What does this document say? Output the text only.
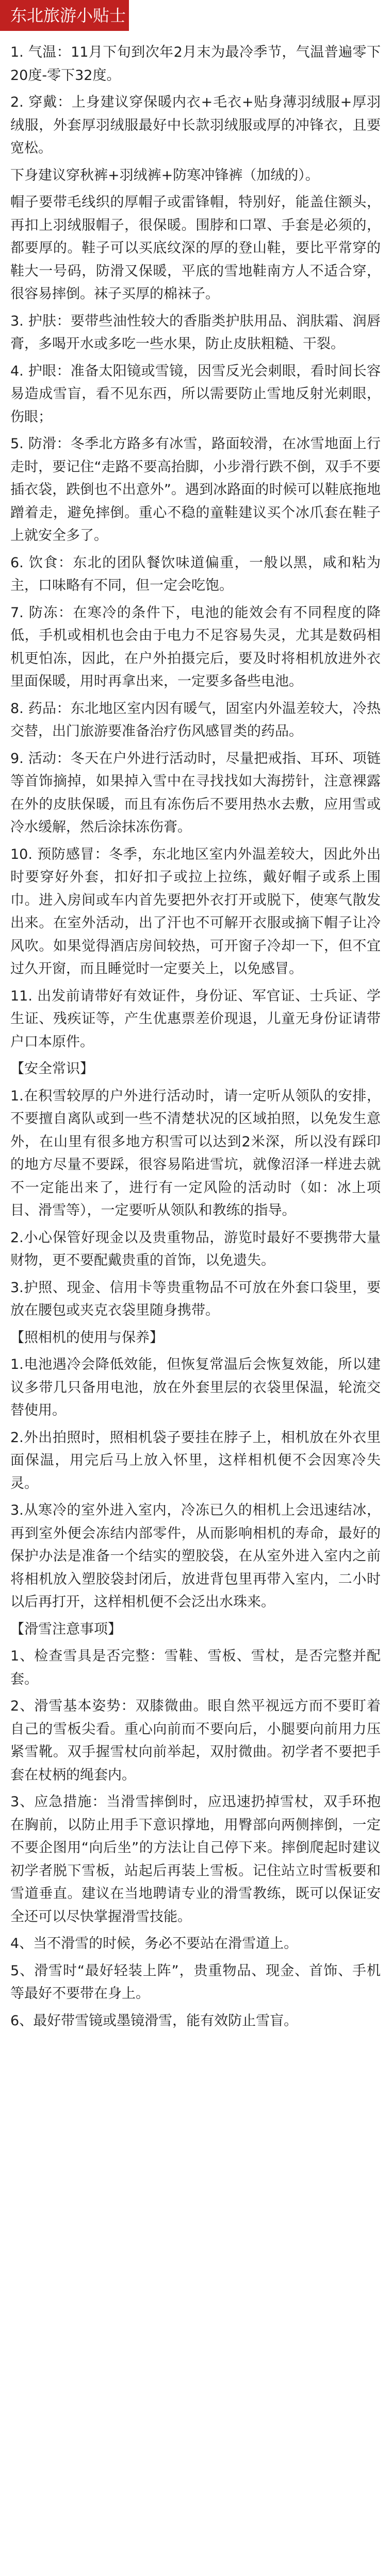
东北旅游小贴士

1. 气温：11月下旬到次年2月末为最冷季节，气温普遍零下20度-零下32度。

2. 穿戴：上身建议穿保暖内衣+毛衣+贴身薄羽绒服+厚羽绒服，外套厚羽绒服最好中长款羽绒服或厚的冲锋衣，且要宽松。

下身建议穿秋裤+羽绒裤+防寒冲锋裤（加绒的）。

帽子要带毛线织的厚帽子或雷锋帽，特别好，能盖住额头，再扣上羽绒服帽子，很保暖。围脖和口罩、手套是必须的，都要厚的。鞋子可以买底纹深的厚的登山鞋，要比平常穿的鞋大一号码，防滑又保暖，平底的雪地鞋南方人不适合穿，很容易摔倒。袜子买厚的棉袜子。

3. 护肤：要带些油性较大的香脂类护肤用品、润肤霜、润唇膏，多喝开水或多吃一些水果，防止皮肤粗糙、干裂。

4. 护眼：准备太阳镜或雪镜，因雪反光会刺眼，看时间长容易造成雪盲，看不见东西，所以需要防止雪地反射光刺眼，伤眼；

5. 防滑：冬季北方路多有冰雪，路面较滑，在冰雪地面上行走时，要记住“走路不要高抬脚，小步滑行跌不倒，双手不要插衣袋，跌倒也不出意外”。遇到冰路面的时候可以鞋底拖地蹭着走，避免摔倒。重心不稳的童鞋建议买个冰爪套在鞋子上就安全多了。

6. 饮食：东北的团队餐饮味道偏重，一般以黑，咸和粘为主，口味略有不同，但一定会吃饱。

7. 防冻：在寒冷的条件下，电池的能效会有不同程度的降低，手机或相机也会由于电力不足容易失灵，尤其是数码相机更怕冻，因此，在户外拍摄完后，要及时将相机放进外衣里面保暖，用时再拿出来，一定要多备些电池。

8. 药品：东北地区室内因有暖气，固室内外温差较大，冷热交替，出门旅游要准备治疗伤风感冒类的药品。

9. 活动：冬天在户外进行活动时，尽量把戒指、耳环、项链等首饰摘掉，如果掉入雪中在寻找找如大海捞针，注意裸露在外的皮肤保暖，而且有冻伤后不要用热水去敷，应用雪或冷水缓解，然后涂抹冻伤膏。

10. 预防感冒：冬季，东北地区室内外温差较大，因此外出时要穿好外套，扣好扣子或拉上拉练，戴好帽子或系上围巾。进入房间或车内首先要把外衣打开或脱下，使寒气散发出来。在室外活动，出了汗也不可解开衣服或摘下帽子让冷风吹。如果觉得酒店房间较热，可开窗子冷却一下，但不宜过久开窗，而且睡觉时一定要关上，以免感冒。

11. 出发前请带好有效证件，身份证、军官证、士兵证、学生证、残疾证等，产生优惠票差价现退，儿童无身份证请带户口本原件。

【安全常识】

1.在积雪较厚的户外进行活动时，请一定听从领队的安排，不要擅自离队或到一些不清楚状况的区域拍照，以免发生意外，在山里有很多地方积雪可以达到2米深，所以没有踩印的地方尽量不要踩，很容易陷进雪坑，就像沼泽一样进去就不一定能出来了，进行有一定风险的活动时（如：冰上项目、滑雪等），一定要听从领队和教练的指导。

2.小心保管好现金以及贵重物品，游览时最好不要携带大量财物，更不要配戴贵重的首饰，以免遗失。

3.护照、现金、信用卡等贵重物品不可放在外套口袋里，要放在腰包或夹克衣袋里随身携带。

【照相机的使用与保养】

1.电池遇冷会降低效能，但恢复常温后会恢复效能，所以建议多带几只备用电池，放在外套里层的衣袋里保温，轮流交替使用。

2.外出拍照时，照相机袋子要挂在脖子上，相机放在外衣里面保温，用完后马上放入怀里，这样相机便不会因寒冷失灵。

3.从寒冷的室外进入室内，冷冻已久的相机上会迅速结冰，再到室外便会冻结内部零件，从而影响相机的寿命，最好的保护办法是准备一个结实的塑胶袋，在从室外进入室内之前将相机放入塑胶袋封闭后，放进背包里再带入室内，二小时以后再打开，这样相机便不会泛出水珠来。

【滑雪注意事项】

1、检查雪具是否完整：雪鞋、雪板、雪杖，是否完整并配套。

2、滑雪基本姿势：双膝微曲。眼自然平视远方而不要盯着自己的雪板尖看。重心向前而不要向后，小腿要向前用力压紧雪靴。双手握雪杖向前举起，双肘微曲。初学者不要把手套在杖柄的绳套内。

3、应急措施：当滑雪摔倒时，应迅速扔掉雪杖，双手环抱在胸前，以防止用手下意识撑地，用臀部向两侧摔倒，一定不要企图用“向后坐”的方法让自己停下来。摔倒爬起时建议初学者脱下雪板，站起后再装上雪板。记住站立时雪板要和雪道垂直。建议在当地聘请专业的滑雪教练，既可以保证安全还可以尽快掌握滑雪技能。

4、当不滑雪的时候，务必不要站在滑雪道上。

5、滑雪时“最好轻装上阵”，贵重物品、现金、首饰、手机等最好不要带在身上。

6、最好带雪镜或墨镜滑雪，能有效防止雪盲。
